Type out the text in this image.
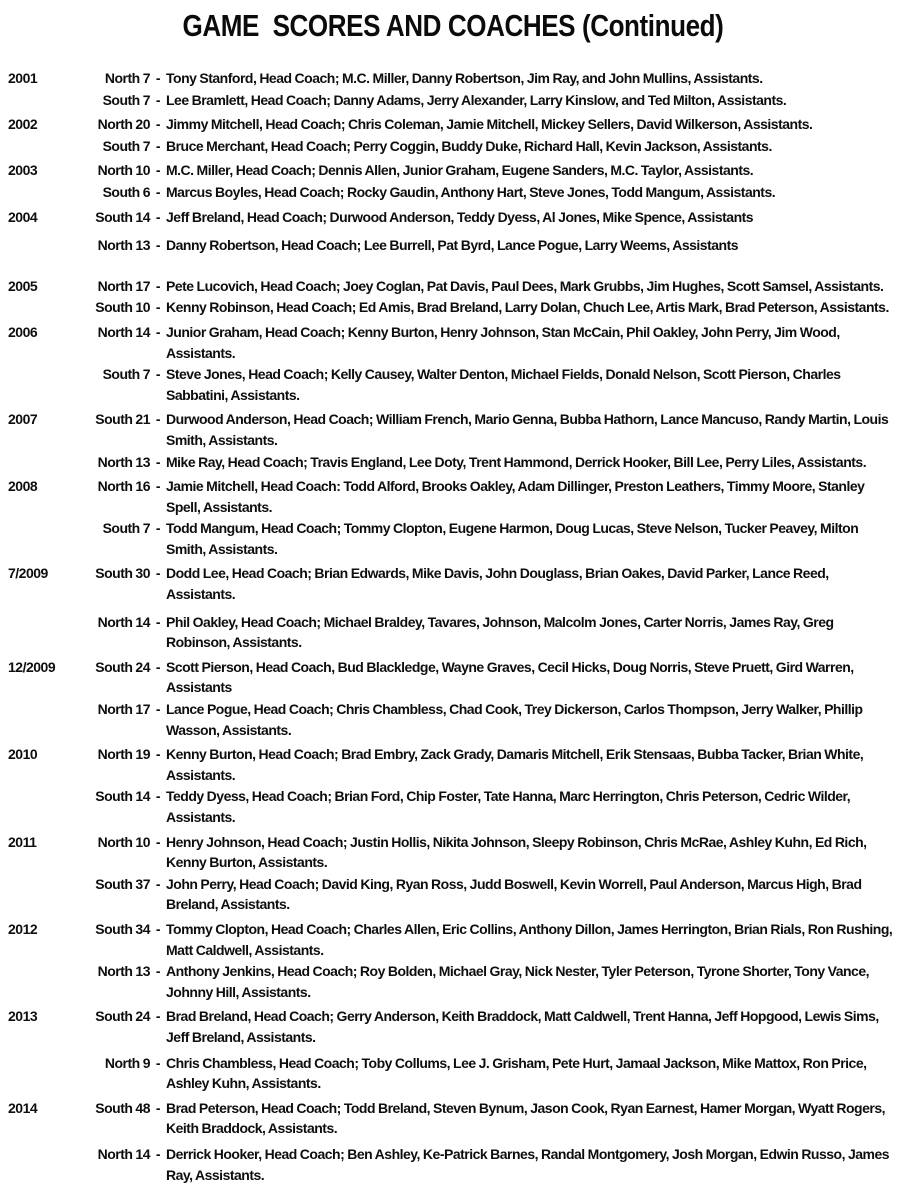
GAME  SCORES AND COACHES (Continued)
2001	North 7 - Tony Stanford, Head Coach; M.C. Miller, Danny Robertson, Jim Ray, and John Mullins, Assistants.
South 7 - Lee Bramlett, Head Coach; Danny Adams, Jerry Alexander, Larry Kinslow, and Ted Milton, Assistants.
2002	North 20 - Jimmy Mitchell, Head Coach; Chris Coleman, Jamie Mitchell, Mickey Sellers, David Wilkerson, Assistants.
South 7 - Bruce Merchant, Head Coach; Perry Coggin, Buddy Duke, Richard Hall, Kevin Jackson, Assistants.
2003	North 10 - M.C. Miller, Head Coach; Dennis Allen, Junior Graham, Eugene Sanders, M.C. Taylor, Assistants.
South 6 - Marcus Boyles, Head Coach; Rocky Gaudin, Anthony Hart, Steve Jones, Todd Mangum, Assistants.
2004	South 14 - Jeff Breland, Head Coach; Durwood Anderson, Teddy Dyess, Al Jones, Mike Spence, Assistants
North 13 - Danny Robertson, Head Coach; Lee Burrell, Pat Byrd, Lance Pogue, Larry Weems, Assistants
2005	North 17 - Pete Lucovich, Head Coach; Joey Coglan, Pat Davis, Paul Dees, Mark Grubbs, Jim Hughes, Scott Samsel, Assistants.
South 10 - Kenny Robinson, Head Coach; Ed Amis, Brad Breland, Larry Dolan, Chuch Lee, Artis Mark, Brad Peterson, Assistants.
2006	North 14 - Junior Graham, Head Coach; Kenny Burton, Henry Johnson, Stan McCain, Phil Oakley, John Perry, Jim Wood, Assistants.
South 7 - Steve Jones, Head Coach; Kelly Causey, Walter Denton, Michael Fields, Donald Nelson, Scott Pierson, Charles Sabbatini, Assistants.
2007	South 21 - Durwood Anderson, Head Coach; William French, Mario Genna, Bubba Hathorn, Lance Mancuso, Randy Martin, Louis Smith, Assistants.
North 13 - Mike Ray, Head Coach; Travis England, Lee Doty, Trent Hammond, Derrick Hooker, Bill Lee, Perry Liles, Assistants.
2008	North 16 - Jamie Mitchell, Head Coach: Todd Alford, Brooks Oakley, Adam Dillinger, Preston Leathers, Timmy Moore, Stanley Spell, Assistants.
South 7 - Todd Mangum, Head Coach; Tommy Clopton, Eugene Harmon, Doug Lucas, Steve Nelson, Tucker Peavey, Milton Smith, Assistants.
7/2009	South 30 - Dodd Lee, Head Coach; Brian Edwards, Mike Davis, John Douglass, Brian Oakes, David Parker, Lance Reed, Assistants.
North 14 - Phil Oakley, Head Coach; Michael Braldey, Tavares, Johnson, Malcolm Jones, Carter Norris, James Ray, Greg Robinson, Assistants.
12/2009	South 24 - Scott Pierson, Head Coach, Bud Blackledge, Wayne Graves, Cecil Hicks, Doug Norris, Steve Pruett, Gird Warren, Assistants
North 17 - Lance Pogue, Head Coach; Chris Chambless, Chad Cook, Trey Dickerson, Carlos Thompson, Jerry Walker, Phillip Wasson, Assistants.
2010	North 19 - Kenny Burton, Head Coach; Brad Embry, Zack Grady, Damaris Mitchell, Erik Stensaas, Bubba Tacker, Brian White, Assistants.
South 14 - Teddy Dyess, Head Coach; Brian Ford, Chip Foster, Tate Hanna, Marc Herrington, Chris Peterson, Cedric Wilder, Assistants.
2011	North 10 - Henry Johnson, Head Coach; Justin Hollis, Nikita Johnson, Sleepy Robinson, Chris McRae, Ashley Kuhn, Ed Rich, Kenny Burton, Assistants.
South 37 - John Perry, Head Coach; David King, Ryan Ross, Judd Boswell, Kevin Worrell, Paul Anderson, Marcus High, Brad Breland, Assistants.
2012	South 34 - Tommy Clopton, Head Coach; Charles Allen, Eric Collins, Anthony Dillon, James Herrington, Brian Rials, Ron Rushing, Matt Caldwell, Assistants.
North 13 - Anthony Jenkins, Head Coach; Roy Bolden, Michael Gray, Nick Nester, Tyler Peterson, Tyrone Shorter, Tony Vance, Johnny Hill, Assistants.
2013	South 24 - Brad Breland, Head Coach; Gerry Anderson, Keith Braddock, Matt Caldwell, Trent Hanna, Jeff Hopgood, Lewis Sims, Jeff Breland, Assistants.
North 9 - Chris Chambless, Head Coach; Toby Collums, Lee J. Grisham, Pete Hurt, Jamaal Jackson, Mike Mattox, Ron Price, Ashley Kuhn, Assistants.
2014	South 48 - Brad Peterson, Head Coach; Todd Breland, Steven Bynum, Jason Cook, Ryan Earnest, Hamer Morgan, Wyatt Rogers, Keith Braddock, Assistants.
North 14 - Derrick Hooker, Head Coach; Ben Ashley, Ke-Patrick Barnes, Randal Montgomery, Josh Morgan, Edwin Russo, James Ray, Assistants.
